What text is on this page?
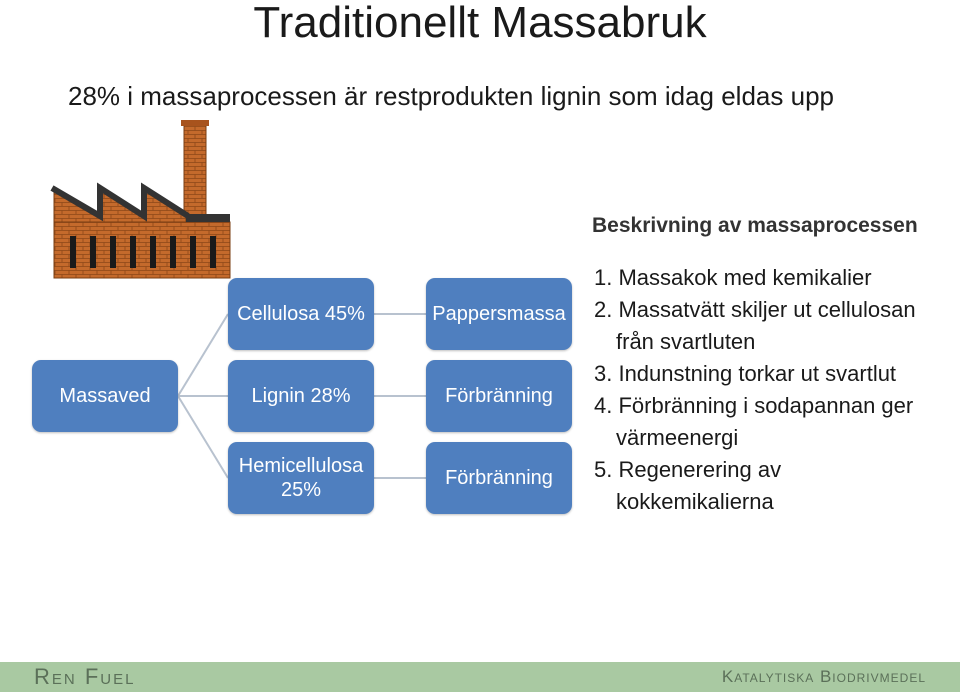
Traditionellt Massabruk
28% i massaprocessen är restprodukten lignin som idag eldas upp
Massaved
Cellulosa 45%
Lignin 28%
Hemicellulosa 25%
Pappersmassa
Förbränning
Förbränning
Beskrivning av massaprocessen
1. Massakok med kemikalier
2. Massatvätt skiljer ut cellulosan från svartluten
3. Indunstning torkar ut svartlut
4. Förbränning i sodapannan ger värmeenergi
5. Regenerering av kokkemikalierna
Ren Fuel	Katalytiska Biodrivmedel
